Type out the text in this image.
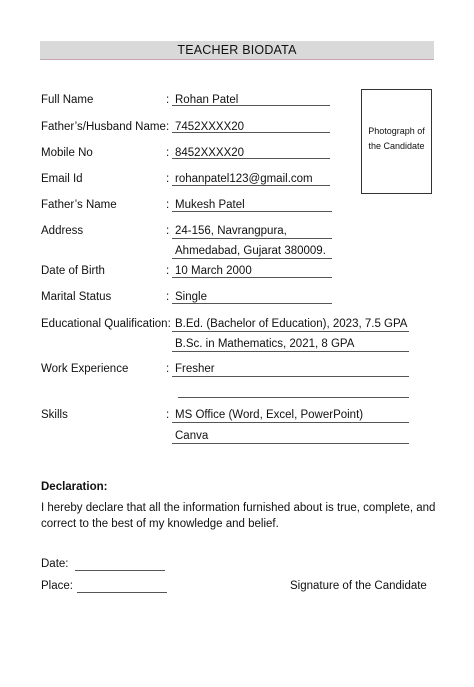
TEACHER BIODATA
Full Name	: Rohan Patel
Father’s/Husband Name : 7452XXXX20
Mobile No	: 8452XXXX20
Email Id	: rohanpatel123@gmail.com
Father’s Name	: Mukesh Patel
Address	: 24-156, Navrangpura,
Ahmedabad, Gujarat 380009.
Date of Birth	: 10 March 2000
Marital Status	: Single
Educational Qualification: B.Ed. (Bachelor of Education), 2023, 7.5 GPA
B.Sc. in Mathematics, 2021, 8 GPA
Work Experience	: Fresher
Skills	: MS Office (Word, Excel, PowerPoint)
Canva
Photograph of the Candidate
Declaration:
I hereby declare that all the information furnished about is true, complete, and correct to the best of my knowledge and belief.
Date:
Place:	Signature of the Candidate
